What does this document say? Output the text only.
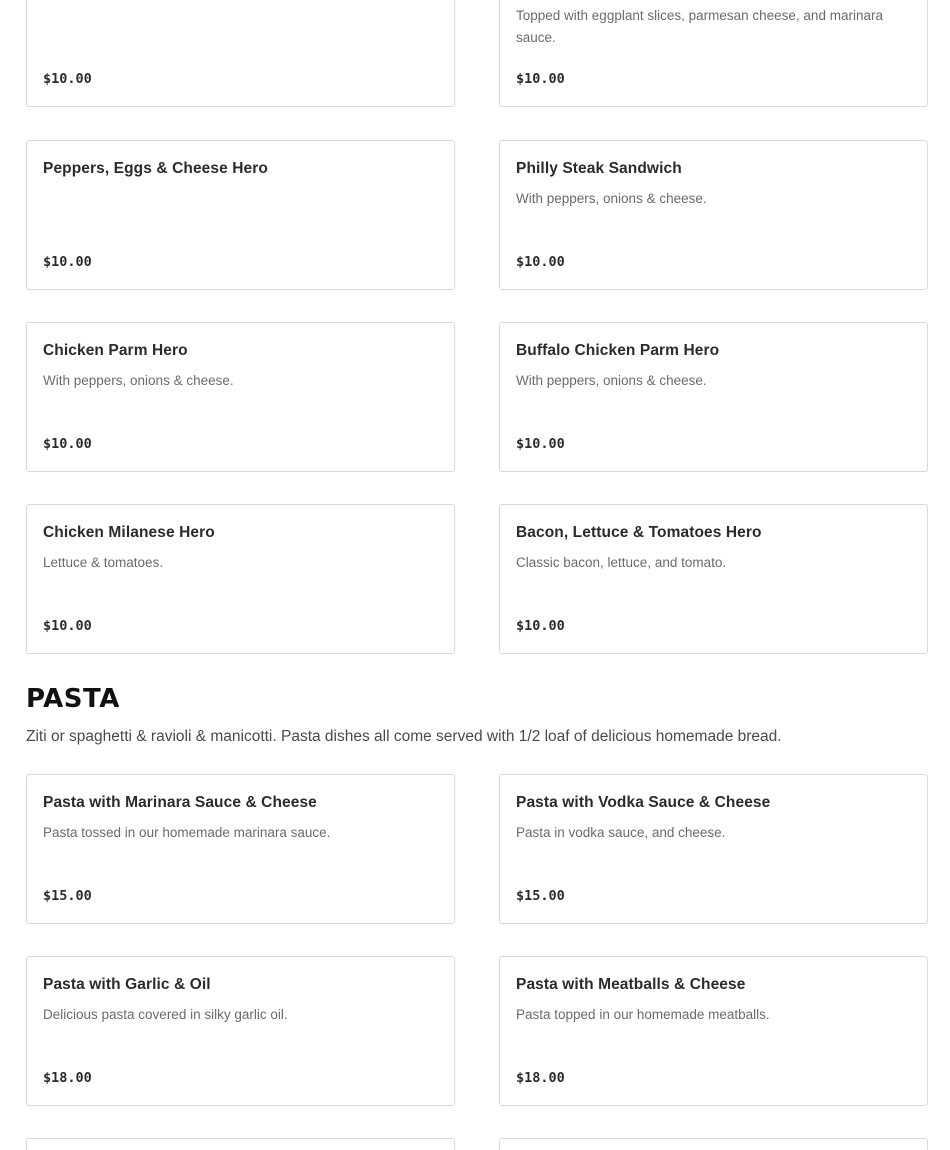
$10.00
Topped with eggplant slices, parmesan cheese, and marinara sauce.
$10.00
Peppers, Eggs & Cheese Hero
$10.00
Philly Steak Sandwich
With peppers, onions & cheese.
$10.00
Chicken Parm Hero
With peppers, onions & cheese.
$10.00
Buffalo Chicken Parm Hero
With peppers, onions & cheese.
$10.00
Chicken Milanese Hero
Lettuce & tomatoes.
$10.00
Bacon, Lettuce & Tomatoes Hero
Classic bacon, lettuce, and tomato.
$10.00
PASTA

Ziti or spaghetti & ravioli & manicotti. Pasta dishes all come served with 1/2 loaf of delicious homemade bread.

Pasta with Marinara Sauce & Cheese
Pasta tossed in our homemade marinara sauce.
$15.00
Pasta with Vodka Sauce & Cheese
Pasta in vodka sauce, and cheese.
$15.00
Pasta with Garlic & Oil
Delicious pasta covered in silky garlic oil.
$18.00
Pasta with Meatballs & Cheese
Pasta topped in our homemade meatballs.
$18.00
